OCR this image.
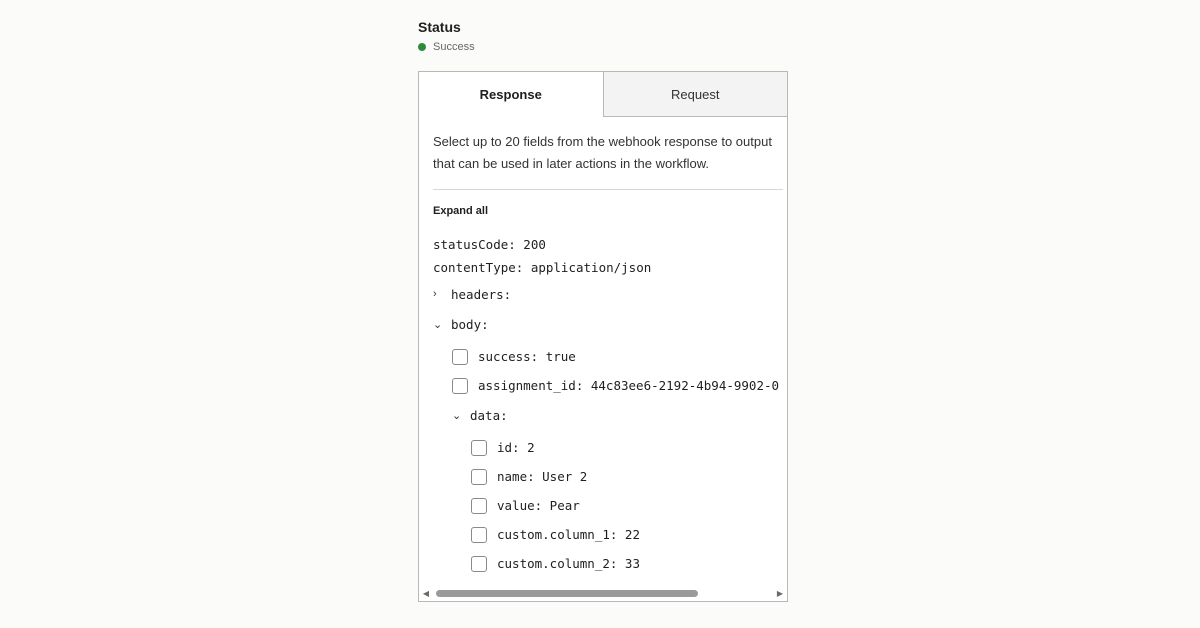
Status
Success
Response	Request
Select up to 20 fields from the webhook response to output that can be used in later actions in the workflow.
Expand all
statusCode: 200
contentType: application/json
›	headers:
⌄ body:
success: true
assignment_id: 44c83ee6-2192-4b94-9902-0
⌄ data:
id: 2
name: User 2
value: Pear
custom.column_1: 22
custom.column_2: 33
◀	▶
